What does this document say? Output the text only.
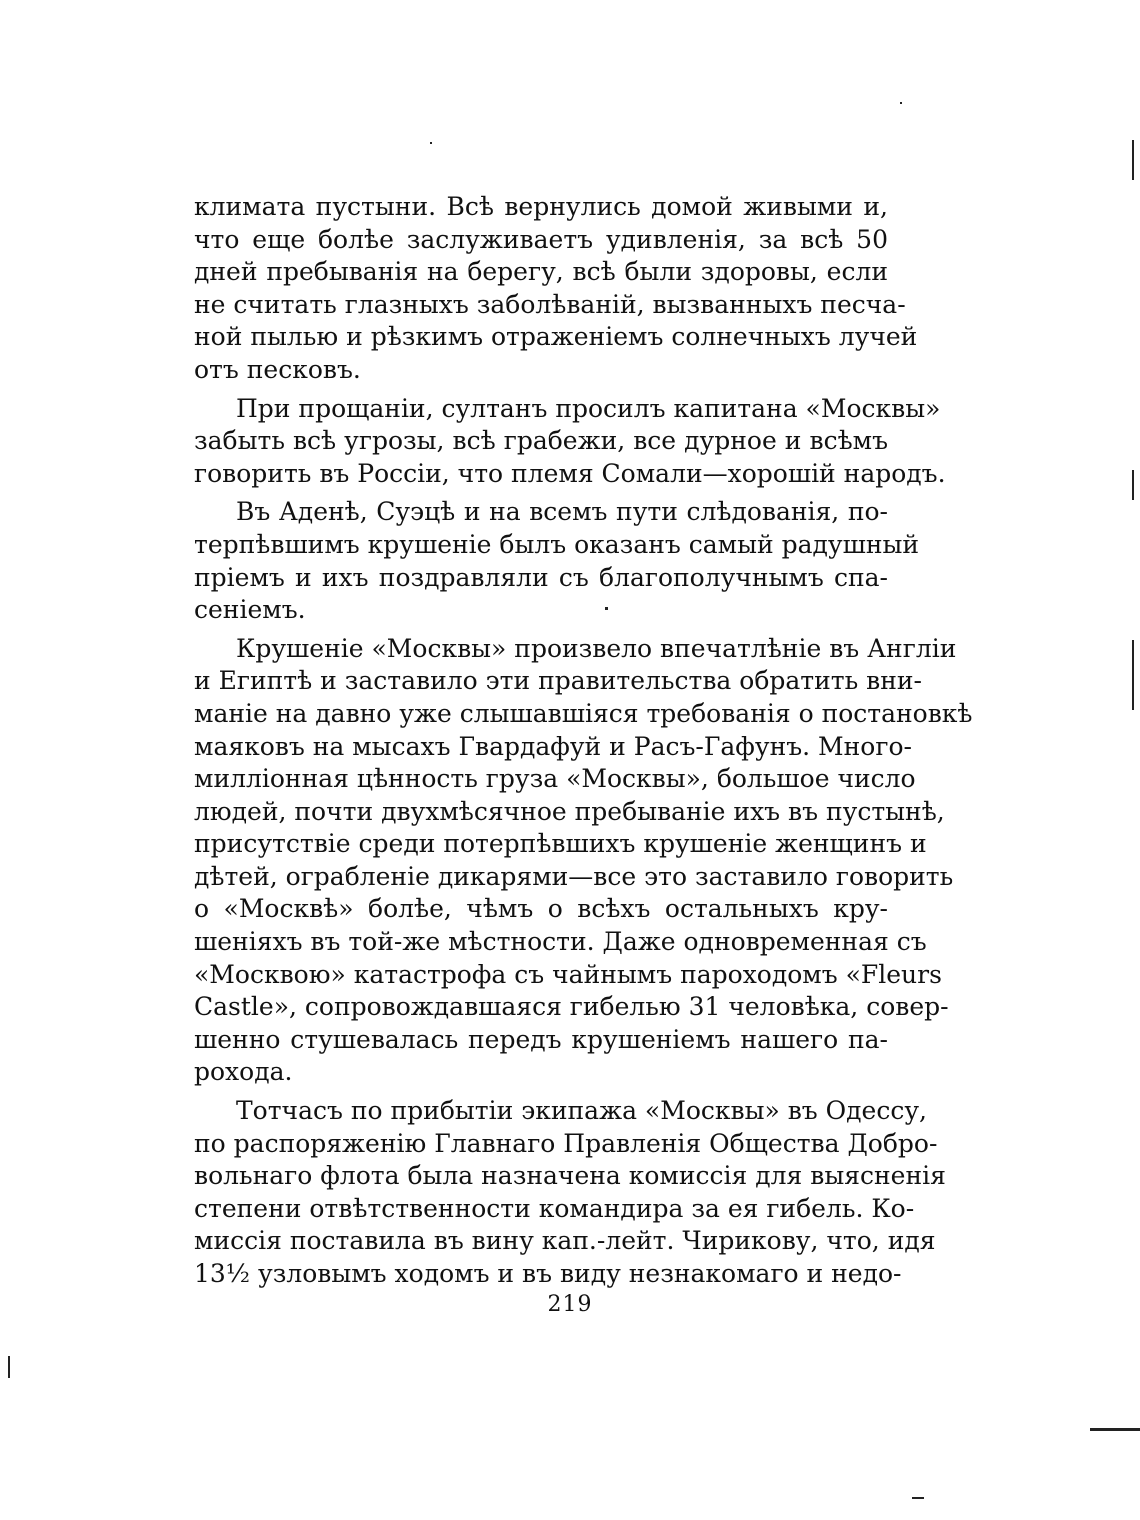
климата пустыни. Всѣ вернулись домой живыми и,
что еще болѣе заслуживаетъ удивленія, за всѣ 50
дней пребыванія на берегу, всѣ были здоровы, если
не считать глазныхъ заболѣваній, вызванныхъ песча-
ной пылью и рѣзкимъ отраженіемъ солнечныхъ лучей
отъ песковъ.
При прощаніи, султанъ просилъ капитана «Москвы»
забыть всѣ угрозы, всѣ грабежи, все дурное и всѣмъ
говорить въ Россіи, что племя Сомали—хорошій народъ.
Въ Аденѣ, Суэцѣ и на всемъ пути слѣдованія, по-
терпѣвшимъ крушеніе былъ оказанъ самый радушный
пріемъ и ихъ поздравляли съ благополучнымъ спа-
сеніемъ.
Крушеніе «Москвы» произвело впечатлѣніе въ Англіи
и Египтѣ и заставило эти правительства обратить вни-
маніе на давно уже слышавшіяся требованія о постановкѣ
маяковъ на мысахъ Гвардафуй и Расъ-Гафунъ. Много-
милліонная цѣнность груза «Москвы», большое число
людей, почти двухмѣсячное пребываніе ихъ въ пустынѣ,
присутствіе среди потерпѣвшихъ крушеніе женщинъ и
дѣтей, ограбленіе дикарями—все это заставило говорить
о «Москвѣ» болѣе, чѣмъ о всѣхъ остальныхъ кру-
шеніяхъ въ той-же мѣстности. Даже одновременная съ
«Москвою» катастрофа съ чайнымъ пароходомъ «Fleurs
Castle», сопровождавшаяся гибелью 31 человѣка, совер-
шенно стушевалась передъ крушеніемъ нашего па-
рохода.
Тотчасъ по прибытіи экипажа «Москвы» въ Одессу,
по распоряженію Главнаго Правленія Общества Добро-
вольнаго флота была назначена комиссія для выясненія
степени отвѣтственности командира за ея гибель. Ко-
миссія поставила въ вину кап.-лейт. Чирикову, что, идя
13½ узловымъ ходомъ и въ виду незнакомаго и недо-
219
